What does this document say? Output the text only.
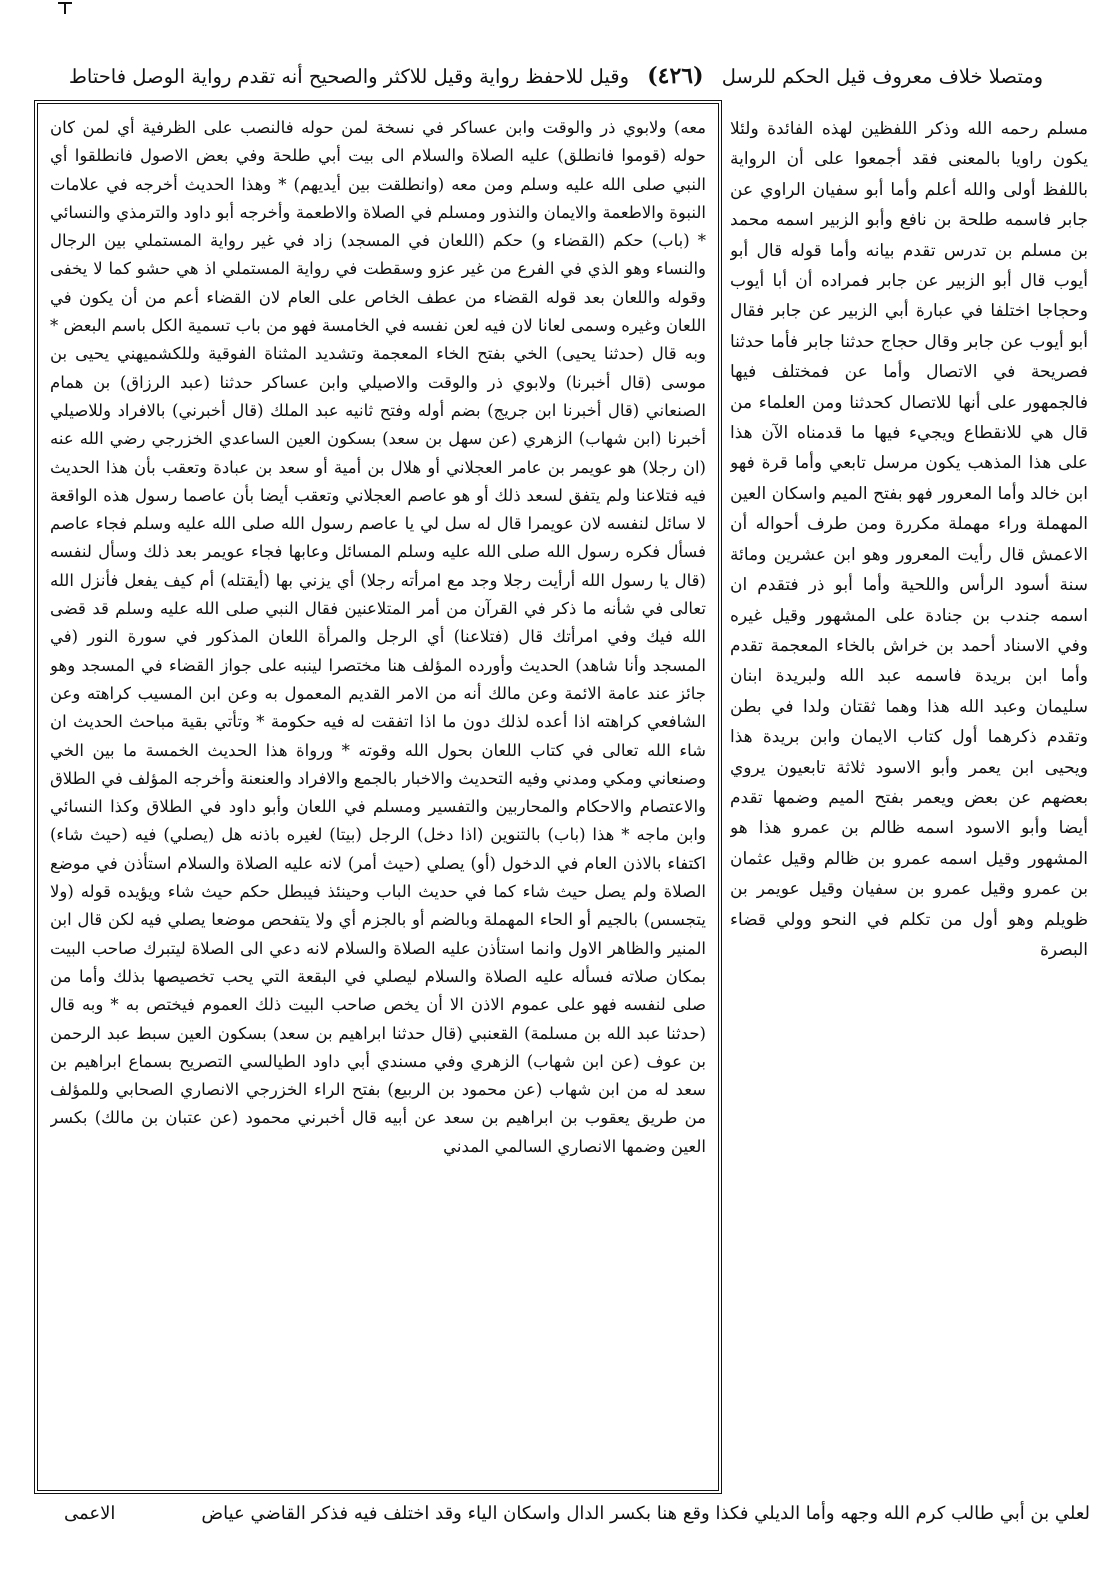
ومتصلا خلاف معروف قيل الحكم للرسل (٤٢٦) وقيل للاحفظ رواية وقيل للاكثر والصحيح أنه تقدم رواية الوصل فاحتاط
معه) ولابوي ذر والوقت وابن عساكر في نسخة لمن حوله فالنصب على الظرفية أي لمن كان حوله (قوموا فانطلق) عليه الصلاة والسلام الى بيت أبي طلحة وفي بعض الاصول فانطلقوا أي النبي صلى الله عليه وسلم ومن معه (وانطلقت بين أيديهم) * وهذا الحديث أخرجه في علامات النبوة والاطعمة والايمان والنذور ومسلم في الصلاة والاطعمة وأخرجه أبو داود والترمذي والنسائي * (باب) حكم (القضاء و) حكم (اللعان في المسجد) زاد في غير رواية المستملي بين الرجال والنساء وهو الذي في الفرع من غير عزو وسقطت في رواية المستملي اذ هي حشو كما لا يخفى وقوله واللعان بعد قوله القضاء من عطف الخاص على العام لان القضاء أعم من أن يكون في اللعان وغيره وسمى لعانا لان فيه لعن نفسه في الخامسة فهو من باب تسمية الكل باسم البعض * وبه قال (حدثنا يحيى) الخي بفتح الخاء المعجمة وتشديد المثناة الفوقية وللكشميهني يحيى بن موسى (قال أخبرنا) ولابوي ذر والوقت والاصيلي وابن عساكر حدثنا (عبد الرزاق) بن همام الصنعاني (قال أخبرنا ابن جريج) بضم أوله وفتح ثانيه عبد الملك (قال أخبرني) بالافراد وللاصيلي أخبرنا (ابن شهاب) الزهري (عن سهل بن سعد) بسكون العين الساعدي الخزرجي رضي الله عنه (ان رجلا) هو عويمر بن عامر العجلاني أو هلال بن أمية أو سعد بن عبادة وتعقب بأن هذا الحديث فيه فتلاعنا ولم يتفق لسعد ذلك أو هو عاصم العجلاني وتعقب أيضا بأن عاصما رسول هذه الواقعة لا سائل لنفسه لان عويمرا قال له سل لي يا عاصم رسول الله صلى الله عليه وسلم فجاء عاصم فسأل فكره رسول الله صلى الله عليه وسلم المسائل وعابها فجاء عويمر بعد ذلك وسأل لنفسه (قال يا رسول الله أرأيت رجلا وجد مع امرأته رجلا) أي يزني بها (أيقتله) أم كيف يفعل فأنزل الله تعالى في شأنه ما ذكر في القرآن من أمر المتلاعنين فقال النبي صلى الله عليه وسلم قد قضى الله فيك وفي امرأتك قال (فتلاعنا) أي الرجل والمرأة اللعان المذكور في سورة النور (في المسجد وأنا شاهد) الحديث وأورده المؤلف هنا مختصرا لينبه على جواز القضاء في المسجد وهو جائز عند عامة الائمة وعن مالك أنه من الامر القديم المعمول به وعن ابن المسيب كراهته وعن الشافعي كراهته اذا أعده لذلك دون ما اذا اتفقت له فيه حكومة * وتأتي بقية مباحث الحديث ان شاء الله تعالى في كتاب اللعان بحول الله وقوته * ورواة هذا الحديث الخمسة ما بين الخي وصنعاني ومكي ومدني وفيه التحديث والاخبار بالجمع والافراد والعنعنة وأخرجه المؤلف في الطلاق والاعتصام والاحكام والمحاربين والتفسير ومسلم في اللعان وأبو داود في الطلاق وكذا النسائي وابن ماجه * هذا (باب) بالتنوين (اذا دخل) الرجل (بيتا) لغيره باذنه هل (يصلي) فيه (حيث شاء) اكتفاء بالاذن العام في الدخول (أو) يصلي (حيث أمر) لانه عليه الصلاة والسلام استأذن في موضع الصلاة ولم يصل حيث شاء كما في حديث الباب وحينئذ فيبطل حكم حيث شاء ويؤيده قوله (ولا يتجسس) بالجيم أو الحاء المهملة وبالضم أو بالجزم أي ولا يتفحص موضعا يصلي فيه لكن قال ابن المنير والظاهر الاول وانما استأذن عليه الصلاة والسلام لانه دعي الى الصلاة ليتبرك صاحب البيت بمكان صلاته فسأله عليه الصلاة والسلام ليصلي في البقعة التي يحب تخصيصها بذلك وأما من صلى لنفسه فهو على عموم الاذن الا أن يخص صاحب البيت ذلك العموم فيختص به * وبه قال (حدثنا عبد الله بن مسلمة) القعنبي (قال حدثنا ابراهيم بن سعد) بسكون العين سبط عبد الرحمن بن عوف (عن ابن شهاب) الزهري وفي مسندي أبي داود الطيالسي التصريح بسماع ابراهيم بن سعد له من ابن شهاب (عن محمود بن الربيع) بفتح الراء الخزرجي الانصاري الصحابي وللمؤلف من طريق يعقوب بن ابراهيم بن سعد عن أبيه قال أخبرني محمود (عن عتبان بن مالك) بكسر العين وضمها الانصاري السالمي المدني
مسلم رحمه الله وذكر اللفظين لهذه الفائدة ولئلا يكون راويا بالمعنى فقد أجمعوا على أن الرواية باللفظ أولى والله أعلم وأما أبو سفيان الراوي عن جابر فاسمه طلحة بن نافع وأبو الزبير اسمه محمد بن مسلم بن تدرس تقدم بيانه وأما قوله قال أبو أيوب قال أبو الزبير عن جابر فمراده أن أبا أيوب وحجاجا اختلفا في عبارة أبي الزبير عن جابر فقال أبو أيوب عن جابر وقال حجاج حدثنا جابر فأما حدثنا فصريحة في الاتصال وأما عن فمختلف فيها فالجمهور على أنها للاتصال كحدثنا ومن العلماء من قال هي للانقطاع ويجيء فيها ما قدمناه الآن هذا على هذا المذهب يكون مرسل تابعي وأما قرة فهو ابن خالد وأما المعرور فهو بفتح الميم واسكان العين المهملة وراء مهملة مكررة ومن طرف أحواله أن الاعمش قال رأيت المعرور وهو ابن عشرين ومائة سنة أسود الرأس واللحية وأما أبو ذر فتقدم ان اسمه جندب بن جنادة على المشهور وقيل غيره وفي الاسناد أحمد بن خراش بالخاء المعجمة تقدم وأما ابن بريدة فاسمه عبد الله ولبريدة ابنان سليمان وعبد الله هذا وهما ثقتان ولدا في بطن وتقدم ذكرهما أول كتاب الايمان وابن بريدة هذا ويحيى ابن يعمر وأبو الاسود ثلاثة تابعيون يروي بعضهم عن بعض ويعمر بفتح الميم وضمها تقدم أيضا وأبو الاسود اسمه ظالم بن عمرو هذا هو المشهور وقيل اسمه عمرو بن ظالم وقيل عثمان بن عمرو وقيل عمرو بن سفيان وقيل عويمر بن ظويلم وهو أول من تكلم في النحو وولي قضاء البصرة
لعلي بن أبي طالب كرم الله وجهه وأما الديلي فكذا وقع هنا بكسر الدال واسكان الياء وقد اختلف فيه فذكر القاضي عياض
الاعمى
